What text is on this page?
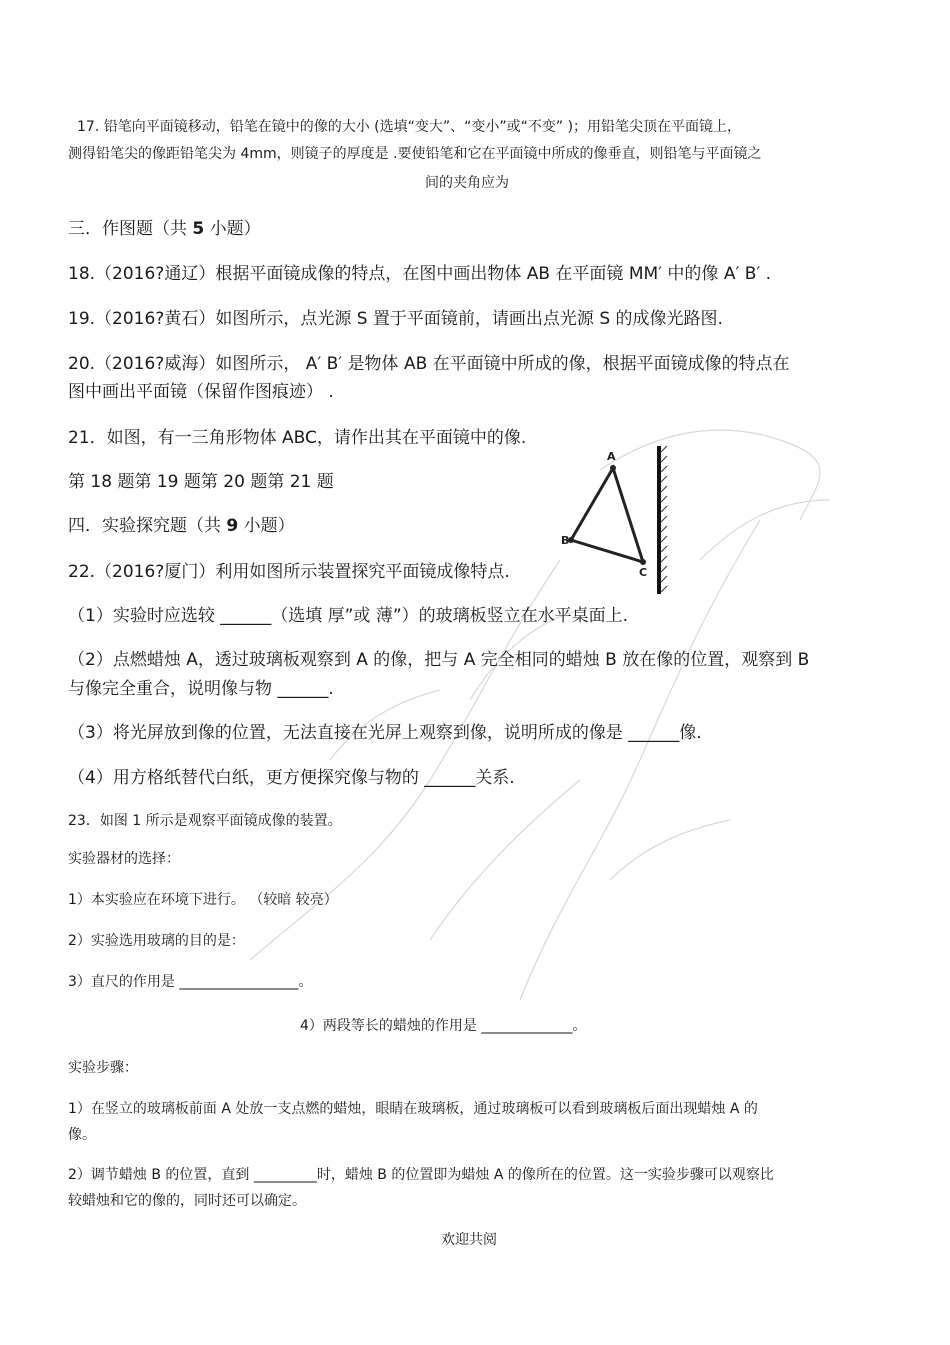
17. 铅笔向平面镜移动，铅笔在镜中的像的大小 (选填“变大”、“变小”或“不变” )；用铅笔尖顶在平面镜上，
测得铅笔尖的像距铅笔尖为 4mm，则镜子的厚度是 .要使铅笔和它在平面镜中所成的像垂直，则铅笔与平面镜之
间的夹角应为
三．作图题（共 5 小题）
18.（2016?通辽）根据平面镜成像的特点，在图中画出物体 AB 在平面镜 MM′ 中的像 A′ B′ .
19.（2016?黄石）如图所示，点光源 S 置于平面镜前，请画出点光源 S 的成像光路图.
20.（2016?威海）如图所示， A′ B′ 是物体 AB 在平面镜中所成的像，根据平面镜成像的特点在
图中画出平面镜（保留作图痕迹） .
21．如图，有一三角形物体 ABC，请作出其在平面镜中的像.
第 18 题第 19 题第 20 题第 21 题
A
B
C
四．实验探究题（共 9 小题）
22.（2016?厦门）利用如图所示装置探究平面镜成像特点.
（1）实验时应选较 ______（选填 厚”或 薄”）的玻璃板竖立在水平桌面上.
（2）点燃蜡烛 A，透过玻璃板观察到 A 的像，把与 A 完全相同的蜡烛 B 放在像的位置，观察到 B
与像完全重合，说明像与物 ______.
（3）将光屏放到像的位置，无法直接在光屏上观察到像，说明所成的像是 ______像.
（4）用方格纸替代白纸，更方便探究像与物的 ______关系.
23．如图 1 所示是观察平面镜成像的装置。
实验器材的选择：
1）本实验应在环境下进行。 （较暗 较亮）
2）实验选用玻璃的目的是：
3）直尺的作用是 _________________。
4）两段等长的蜡烛的作用是 _____________。
实验步骤：
1）在竖立的玻璃板前面 A 处放一支点燃的蜡烛，眼睛在玻璃板，通过玻璃板可以看到玻璃板后面出现蜡烛 A 的
像。
2）调节蜡烛 B 的位置，直到 _________时，蜡烛 B 的位置即为蜡烛 A 的像所在的位置。这一实验步骤可以观察比
较蜡烛和它的像的，同时还可以确定。
欢迎共阅
